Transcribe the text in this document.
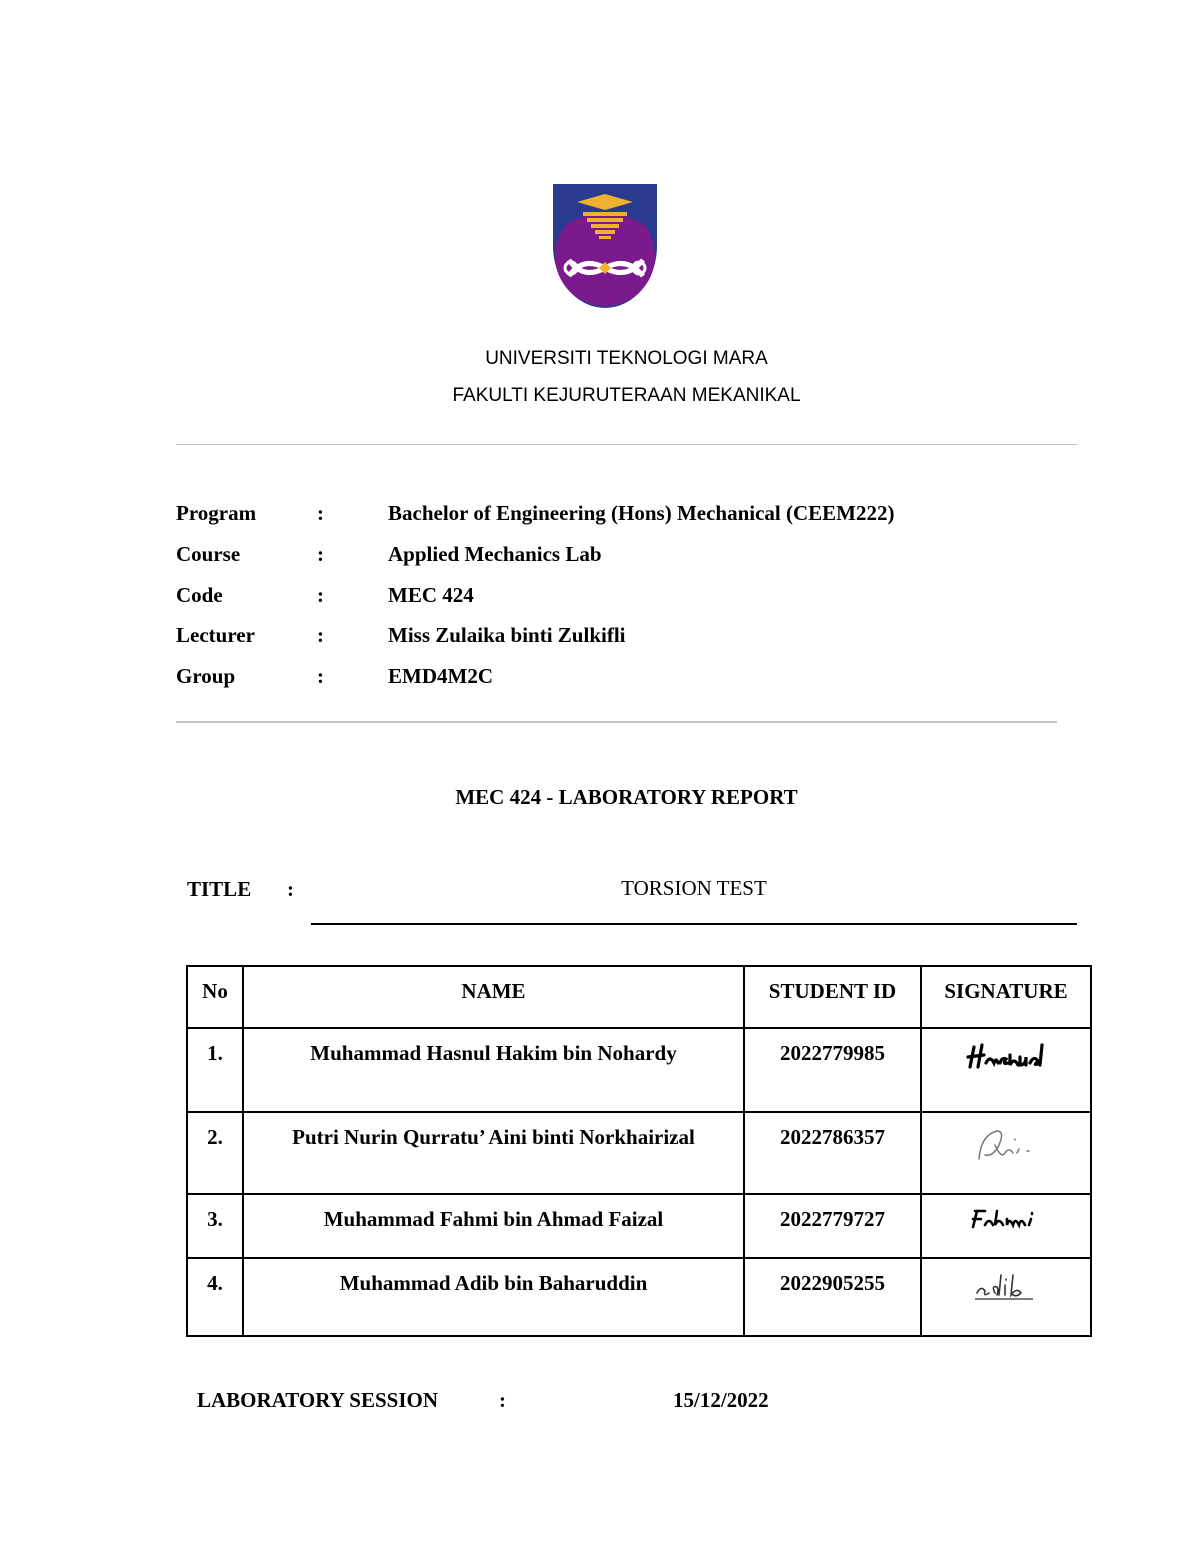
UNIVERSITI TEKNOLOGI MARA
FAKULTI KEJURUTERAAN MEKANIKAL
Program	:	Bachelor of Engineering (Hons) Mechanical (CEEM222)
Course	:	Applied Mechanics Lab
Code	:	MEC 424
Lecturer	:	Miss Zulaika binti Zulkifli
Group	:	EMD4M2C
MEC 424 - LABORATORY REPORT
TITLE :	TORSION TEST
No	NAME	STUDENT ID	SIGNATURE
1.	Muhammad Hasnul Hakim bin Nohardy	2022779985	
2.	Putri Nurin Qurratu’ Aini binti Norkhairizal	2022786357	
3.	Muhammad Fahmi bin Ahmad Faizal	2022779727	
4.	Muhammad Adib bin Baharuddin	2022905255	
LABORATORY SESSION	:	15/12/2022
